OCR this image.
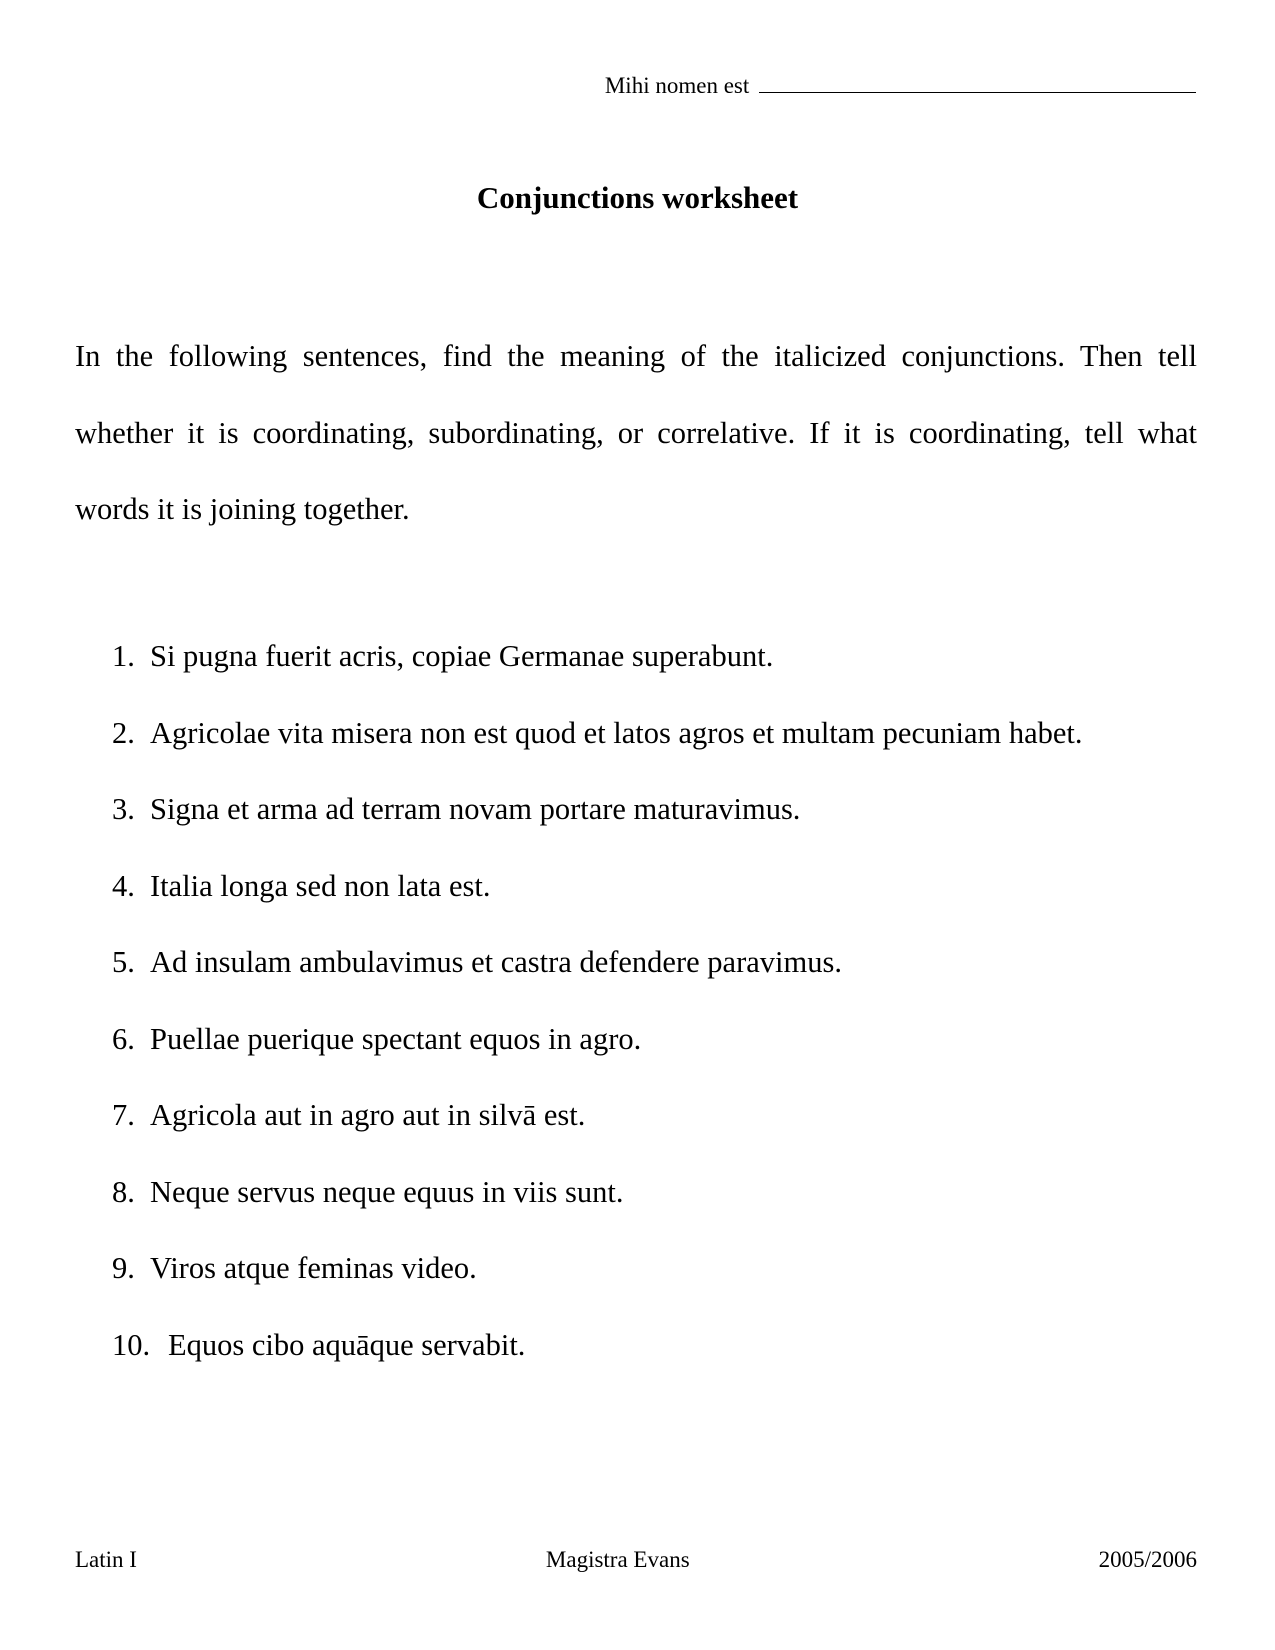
Mihi nomen est
Conjunctions worksheet
In the following sentences, find the meaning of the italicized conjunctions. Then tell whether it is coordinating, subordinating, or correlative. If it is coordinating, tell what words it is joining together.
1. Si pugna fuerit acris, copiae Germanae superabunt.
2. Agricolae vita misera non est quod et latos agros et multam pecuniam habet.
3. Signa et arma ad terram novam portare maturavimus.
4. Italia longa sed non lata est.
5. Ad insulam ambulavimus et castra defendere paravimus.
6. Puellae puerique spectant equos in agro.
7. Agricola aut in agro aut in silvā est.
8. Neque servus neque equus in viis sunt.
9. Viros atque feminas video.
10. Equos cibo aquāque servabit.
Latin I	Magistra Evans	2005/2006
